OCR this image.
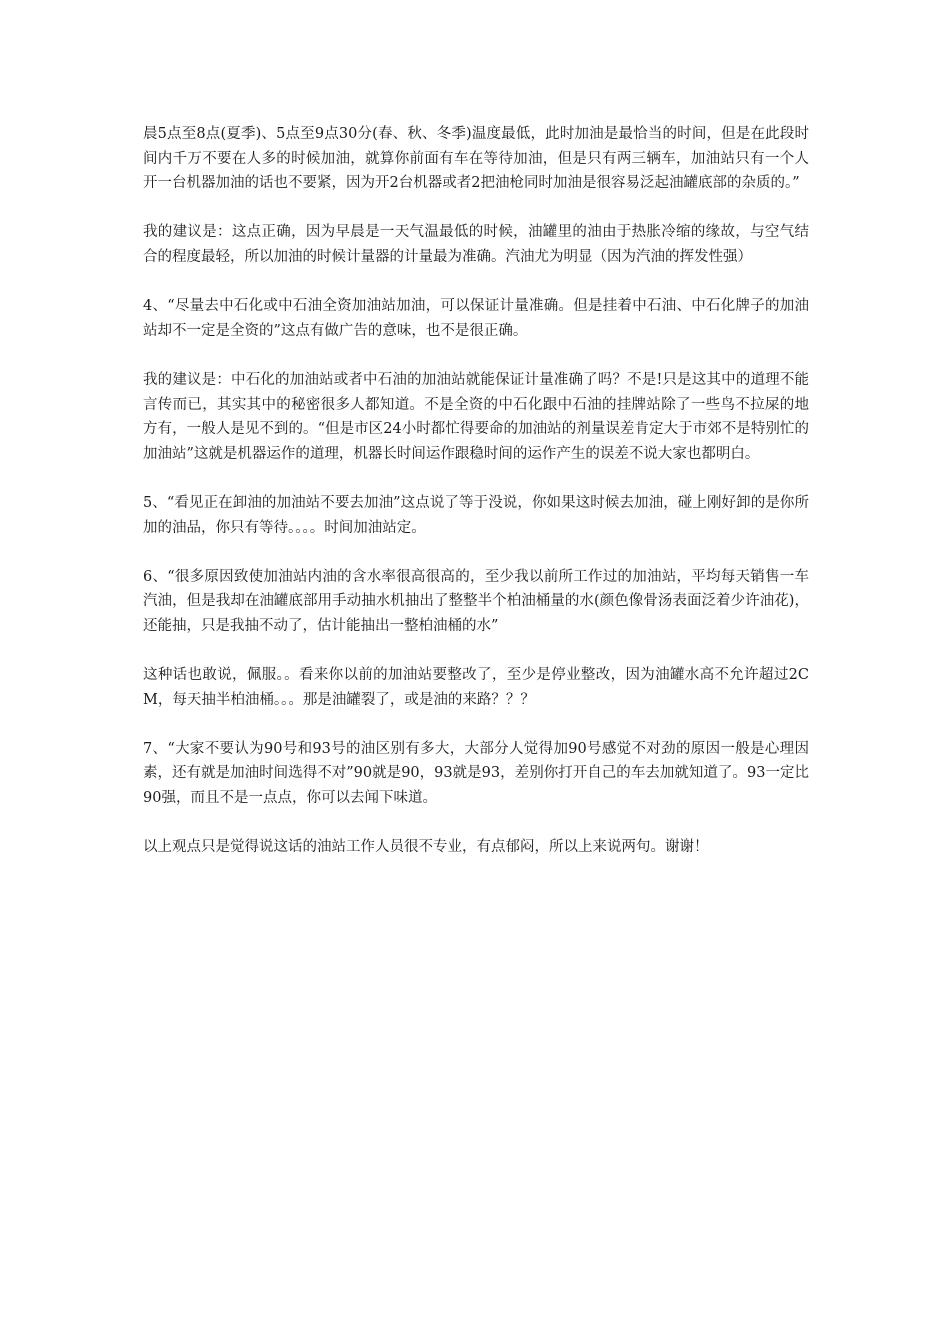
晨5点至8点(夏季)、5点至9点30分(春、秋、冬季)温度最低，此时加油是最恰当的时间，但是在此段时间内千万不要在人多的时候加油，就算你前面有车在等待加油，但是只有两三辆车，加油站只有一个人开一台机器加油的话也不要紧，因为开2台机器或者2把油枪同时加油是很容易泛起油罐底部的杂质的。”

我的建议是：这点正确，因为早晨是一天气温最低的时候，油罐里的油由于热胀冷缩的缘故，与空气结合的程度最轻，所以加油的时候计量器的计量最为准确。汽油尤为明显（因为汽油的挥发性强）

4、“尽量去中石化或中石油全资加油站加油，可以保证计量准确。但是挂着中石油、中石化牌子的加油站却不一定是全资的”这点有做广告的意味，也不是很正确。

我的建议是：中石化的加油站或者中石油的加油站就能保证计量准确了吗？不是!只是这其中的道理不能言传而已，其实其中的秘密很多人都知道。不是全资的中石化跟中石油的挂牌站除了一些鸟不拉屎的地方有，一般人是见不到的。“但是市区24小时都忙得要命的加油站的剂量误差肯定大于市郊不是特别忙的加油站”这就是机器运作的道理，机器长时间运作跟稳时间的运作产生的误差不说大家也都明白。

5、“看见正在卸油的加油站不要去加油”这点说了等于没说，你如果这时候去加油，碰上刚好卸的是你所加的油品，你只有等待。。。。时间加油站定。

6、“很多原因致使加油站内油的含水率很高很高的，至少我以前所工作过的加油站，平均每天销售一车汽油，但是我却在油罐底部用手动抽水机抽出了整整半个柏油桶量的水(颜色像骨汤表面泛着少许油花)，还能抽，只是我抽不动了，估计能抽出一整柏油桶的水”

这种话也敢说，佩服。。看来你以前的加油站要整改了，至少是停业整改，因为油罐水高不允许超过2CM，每天抽半柏油桶。。。那是油罐裂了，或是油的来路？？？

7、“大家不要认为90号和93号的油区别有多大，大部分人觉得加90号感觉不对劲的原因一般是心理因素，还有就是加油时间选得不对”90就是90，93就是93，差别你打开自己的车去加就知道了。93一定比90强，而且不是一点点，你可以去闻下味道。

以上观点只是觉得说这话的油站工作人员很不专业，有点郁闷，所以上来说两句。谢谢！
